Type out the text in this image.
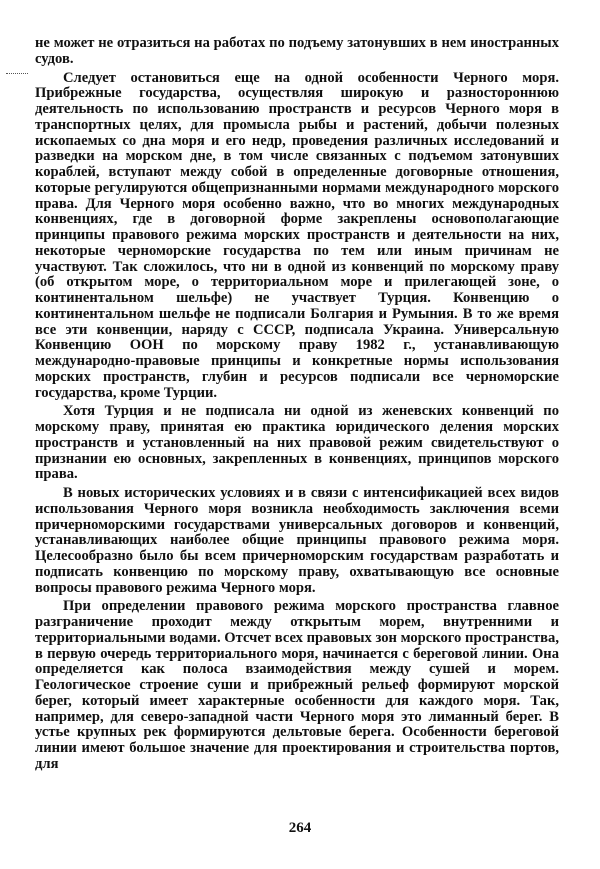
не может не отразиться на работах по подъему затонувших в нем иностранных судов.

Следует остановиться еще на одной особенности Черного моря. Прибрежные государства, осуществляя широкую и разностороннюю деятельность по использованию пространств и ресурсов Черного моря в транспортных целях, для промысла рыбы и растений, добычи полезных ископаемых со дна моря и его недр, проведения различных исследований и разведки на морском дне, в том числе связанных с подъемом затонувших кораблей, вступают между собой в определенные договорные отношения, которые регулируются общепризнанными нормами международного морского права. Для Черного моря особенно важно, что во многих международных конвенциях, где в договорной форме закреплены основополагающие принципы правового режима морских пространств и деятельности на них, некоторые черноморские государства по тем или иным причинам не участвуют. Так сложилось, что ни в одной из конвенций по морскому праву (об открытом море, о территориальном море и прилегающей зоне, о континентальном шельфе) не участвует Турция. Конвенцию о континентальном шельфе не подписали Болгария и Румыния. В то же время все эти конвенции, наряду с СССР, подписала Украина. Универсальную Конвенцию ООН по морскому праву 1982 г., устанавливающую международно-правовые принципы и конкретные нормы использования морских пространств, глубин и ресурсов подписали все черноморские государства, кроме Турции.

Хотя Турция и не подписала ни одной из женевских конвенций по морскому праву, принятая ею практика юридического деления морских пространств и установленный на них правовой режим свидетельствуют о признании ею основных, закрепленных в конвенциях, принципов морского права.

В новых исторических условиях и в связи с интенсификацией всех видов использования Черного моря возникла необходимость заключения всеми причерноморскими государствами универсальных договоров и конвенций, устанавливающих наиболее общие принципы правового режима моря. Целесообразно было бы всем причерноморским государствам разработать и подписать конвенцию по морскому праву, охватывающую все основные вопросы правового режима Черного моря.

При определении правового режима морского пространства главное разграничение проходит между открытым морем, внутренними и территориальными водами. Отсчет всех правовых зон морского пространства, в первую очередь территориального моря, начинается с береговой линии. Она определяется как полоса взаимодействия между сушей и морем. Геологическое строение суши и прибрежный рельеф формируют морской берег, который имеет характерные особенности для каждого моря. Так, например, для северо-западной части Черного моря это лиманный берег. В устье крупных рек формируются дельтовые берега. Особенности береговой линии имеют большое значение для проектирования и строительства портов, для

264
